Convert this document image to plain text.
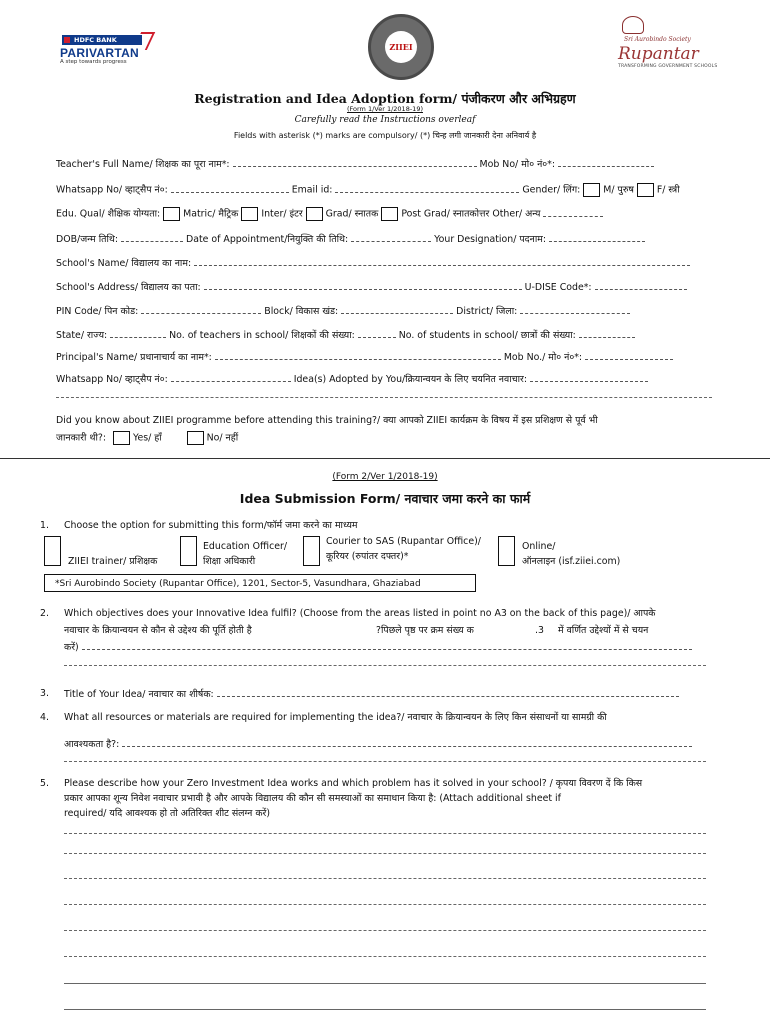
HDFC BANK
PARIVARTAN
A step towards progress
ZIIEI
Sri Aurobindo Society
Rupantar
TRANSFORMING GOVERNMENT SCHOOLS
Registration and Idea Adoption form/ पंजीकरण और अभिग्रहण
(Form 1/Ver 1/2018-19)
Carefully read the Instructions overleaf
Fields with asterisk (*) marks are compulsory/ (*) चिन्ह लगी जानकारी देना अनिवार्य है
Teacher's Full Name/ शिक्षक का पूरा नाम*:	Mob No/ मो० नं०*:
Whatsapp No/ व्हाट्सैप नं०:	Email id:	Gender/ लिंग: M/ पुरुष F/ स्त्री
Edu. Qual/ शैक्षिक योग्यता: Matric/ मैट्रिक Inter/ इंटर Grad/ स्नातक Post Grad/ स्नातकोत्तर Other/ अन्य
DOB/जन्म तिथि:	Date of Appointment/नियुक्ति की तिथि:	Your Designation/ पदनाम:
School's Name/ विद्यालय का नाम:
School's Address/ विद्यालय का पता:	U-DISE Code*:
PIN Code/ पिन कोड:	Block/ विकास खंड:	District/ जिला:
State/ राज्य:	No. of teachers in school/ शिक्षकों की संख्या:	No. of students in school/ छात्रों की संख्या:
Principal's Name/ प्रधानाचार्य का नाम*:	Mob No./ मो० नं०*:
Whatsapp No/ व्हाट्सैप नं०:	Idea(s) Adopted by You/क्रियान्वयन के लिए चयनित नवाचार:
Did you know about ZIIEI programme before attending this training?/ क्या आपको ZIIEI कार्यक्रम के विषय में इस प्रशिक्षण से पूर्व भी
जानकारी थी?:	Yes/ हाँ	No/ नहीं
(Form 2/Ver 1/2018-19)
Idea Submission Form/ नवाचार जमा करने का फार्म
1. Choose the option for submitting this form/फॉर्म जमा करने का माध्यम
ZIIEI trainer/ प्रशिक्षक
Education Officer/
शिक्षा अधिकारी
Courier to SAS (Rupantar Office)/
कूरियर (रुपांतर दफ्तर)*
Online/
ऑनलाइन (isf.ziiei.com)
*Sri Aurobindo Society (Rupantar Office), 1201, Sector-5, Vasundhara, Ghaziabad
2. Which objectives does your Innovative Idea fulfil? (Choose from the areas listed in point no A3 on the back of this page)/ आपके
नवाचार के क्रियान्वयन से कौन से उद्देश्य की पूर्ति होती है	?पिछले पृष्ठ पर क्रम संख्य क	.3 में वर्णित उद्देश्यों में से चयन
करें)
3. Title of Your Idea/ नवाचार का शीर्षक:
4. What all resources or materials are required for implementing the idea?/ नवाचार के क्रियान्वयन के लिए किन संसाधनों या सामग्री की
आवश्यकता है?:
5. Please describe how your Zero Investment Idea works and which problem has it solved in your school? / कृपया विवरण दें कि किस
प्रकार आपका शून्य निवेश नवाचार प्रभावी है और आपके विद्यालय की कौन सी समस्याओं का समाधान किया है: (Attach additional sheet if
required/ यदि आवश्यक हो तो अतिरिक्त शीट संलग्न करें)
